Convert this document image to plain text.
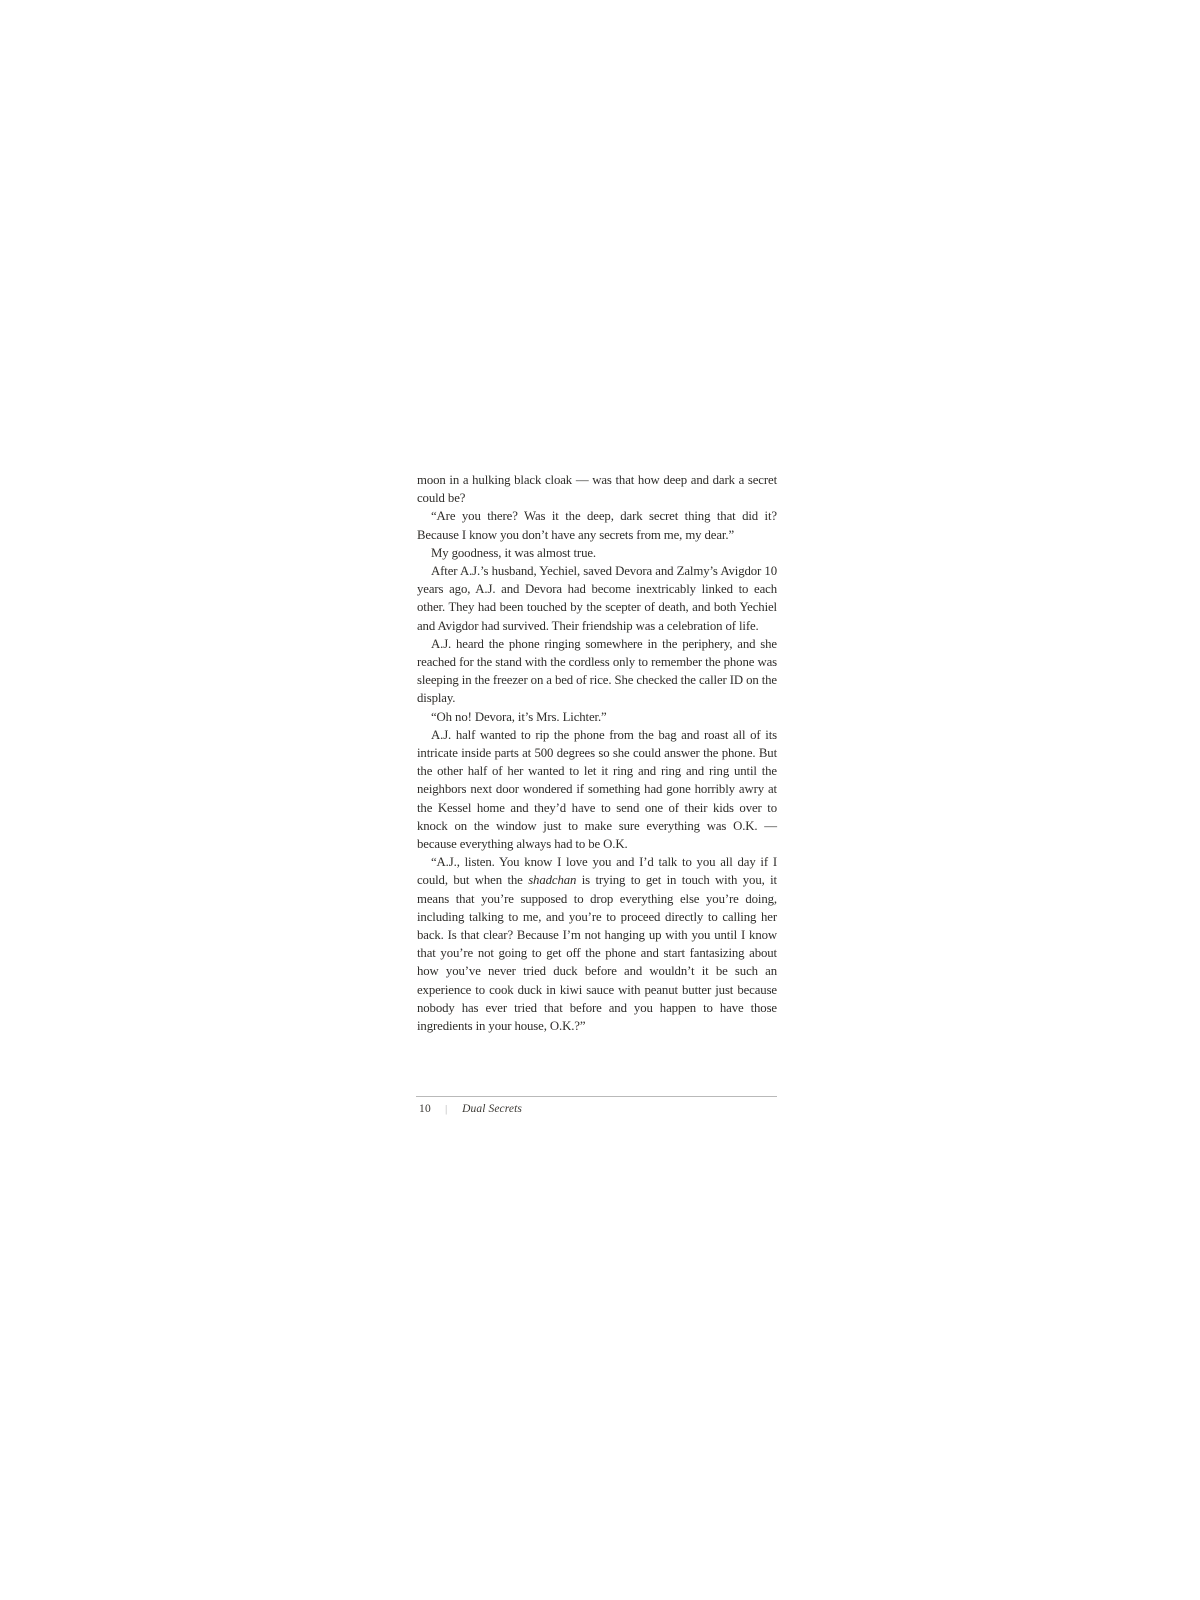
moon in a hulking black cloak — was that how deep and dark a secret could be?

“Are you there? Was it the deep, dark secret thing that did it? Because I know you don’t have any secrets from me, my dear.”

My goodness, it was almost true.

After A.J.’s husband, Yechiel, saved Devora and Zalmy’s Avigdor 10 years ago, A.J. and Devora had become inextricably linked to each other. They had been touched by the scepter of death, and both Yechiel and Avigdor had survived. Their friendship was a celebration of life.

A.J. heard the phone ringing somewhere in the periphery, and she reached for the stand with the cordless only to remember the phone was sleeping in the freezer on a bed of rice. She checked the caller ID on the display.

“Oh no! Devora, it’s Mrs. Lichter.”

A.J. half wanted to rip the phone from the bag and roast all of its intricate inside parts at 500 degrees so she could answer the phone. But the other half of her wanted to let it ring and ring and ring until the neighbors next door wondered if something had gone horribly awry at the Kessel home and they’d have to send one of their kids over to knock on the window just to make sure everything was O.K. — because everything always had to be O.K.

“A.J., listen. You know I love you and I’d talk to you all day if I could, but when the shadchan is trying to get in touch with you, it means that you’re supposed to drop everything else you’re doing, including talking to me, and you’re to proceed directly to calling her back. Is that clear? Because I’m not hanging up with you until I know that you’re not going to get off the phone and start fantasizing about how you’ve never tried duck before and wouldn’t it be such an experience to cook duck in kiwi sauce with peanut butter just because nobody has ever tried that before and you happen to have those ingredients in your house, O.K.?”

10 | Dual Secrets
